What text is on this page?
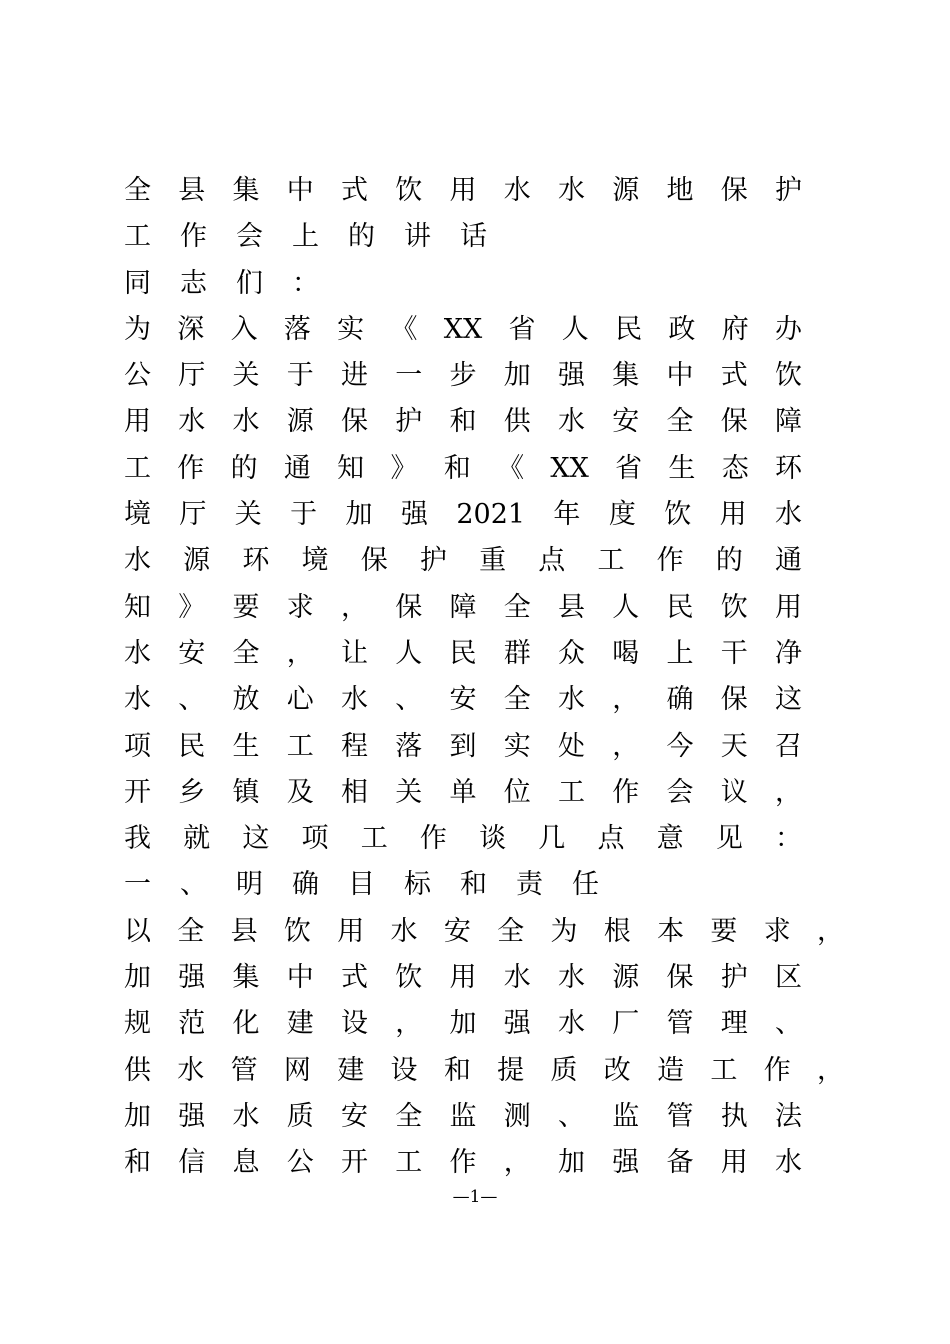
全县集中式饮用水水源地保护
工作会上的讲话
同志们：
为深入落实《XX省人民政府办
公厅关于进一步加强集中式饮
用水水源保护和供水安全保障
工作的通知》和《XX省生态环
境厅关于加强2021年度饮用水
水源环境保护重点工作的通
知》要求，保障全县人民饮用
水安全，让人民群众喝上干净
水、放心水、安全水，确保这
项民生工程落到实处，今天召
开乡镇及相关单位工作会议，
我就这项工作谈几点意见：
一、明确目标和责任
以全县饮用水安全为根本要求，
加强集中式饮用水水源保护区
规范化建设，加强水厂管理、
供水管网建设和提质改造工作，
加强水质安全监测、监管执法
和信息公开工作，加强备用水
—1—
